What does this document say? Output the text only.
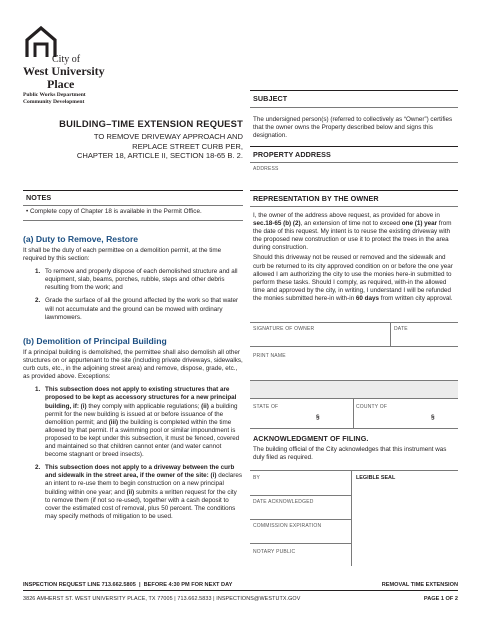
City of
West University
Place
Public Works Department
Community Development
BUILDING–TIME EXTENSION REQUEST
TO REMOVE DRIVEWAY APPROACH AND
REPLACE STREET CURB PER,
CHAPTER 18, ARTICLE II, SECTION 18-65 B. 2.
NOTES
• Complete copy of Chapter 18 is available in the Permit Office.
(a) Duty to Remove, Restore
It shall be the duty of each permittee on a demolition permit, at the time required by this section:
1. To remove and properly dispose of each demolished structure and all equipment, slab, beams, porches, rubble, steps and other debris resulting from the work; and
2. Grade the surface of all the ground affected by the work so that water will not accumulate and the ground can be mowed with ordinary lawnmowers.
(b) Demolition of Principal Building
If a principal building is demolished, the permittee shall also demolish all other structures on or appurtenant to the site (including private driveways, sidewalks, curb cuts, etc., in the adjoining street area) and remove, dispose, grade, etc., as provided above. Exceptions:
1. This subsection does not apply to existing structures that are proposed to be kept as accessory structures for a new principal building, if: (i) they comply with applicable regulations; (ii) a building permit for the new building is issued at or before issuance of the demolition permit; and (iii) the building is completed within the time allowed by that permit. If a swimming pool or similar impoundment is proposed to be kept under this subsection, it must be fenced, covered and maintained so that children cannot enter (and water cannot become stagnant or breed insects).
2. This subsection does not apply to a driveway between the curb and sidewalk in the street area, if the owner of the site: (i) declares an intent to re-use them to begin construction on a new principal building within one year; and (ii) submits a written request for the city to remove them (if not so re-used), together with a cash deposit to cover the estimated cost of removal, plus 50 percent. The conditions may specify methods of mitigation to be used.
SUBJECT
The undersigned person(s) (referred to collectively as “Owner”) certifies that the owner owns the Property described below and signs this designation.
PROPERTY ADDRESS
ADDRESS
REPRESENTATION BY THE OWNER
I, the owner of the address above request, as provided for above in sec.18-65 (b) (2), an extension of time not to exceed one (1) year from the date of this request. My intent is to reuse the existing driveway with the proposed new construction or use it to protect the trees in the area during construction.
Should this driveway not be reused or removed and the sidewalk and curb be returned to its city approved condition on or before the one year allowed I am authorizing the city to use the monies here-in submitted to perform these tasks. Should I comply, as required, with-in the allowed time and approved by the city, in writing, I understand I will be refunded the monies submitted here-in with-in 60 days from written city approval.
SIGNATURE OF OWNER	DATE
PRINT NAME
STATE OF	COUNTY OF
§	§
ACKNOWLEDGMENT OF FILING.
The building official of the City acknowledges that this instrument was duly filed as required.
BY	LEGIBLE SEAL
DATE ACKNOWLEDGED
COMMISSION EXPIRATION
NOTARY PUBLIC
INSPECTION REQUEST LINE 713.662.5805  |  BEFORE 4:30 PM FOR NEXT DAY	REMOVAL TIME EXTENSION
3826 AMHERST ST. WEST UNIVERSITY PLACE, TX 77005 | 713.662.5833 | INSPECTIONS@WESTUTX.GOV	PAGE 1 OF 2
